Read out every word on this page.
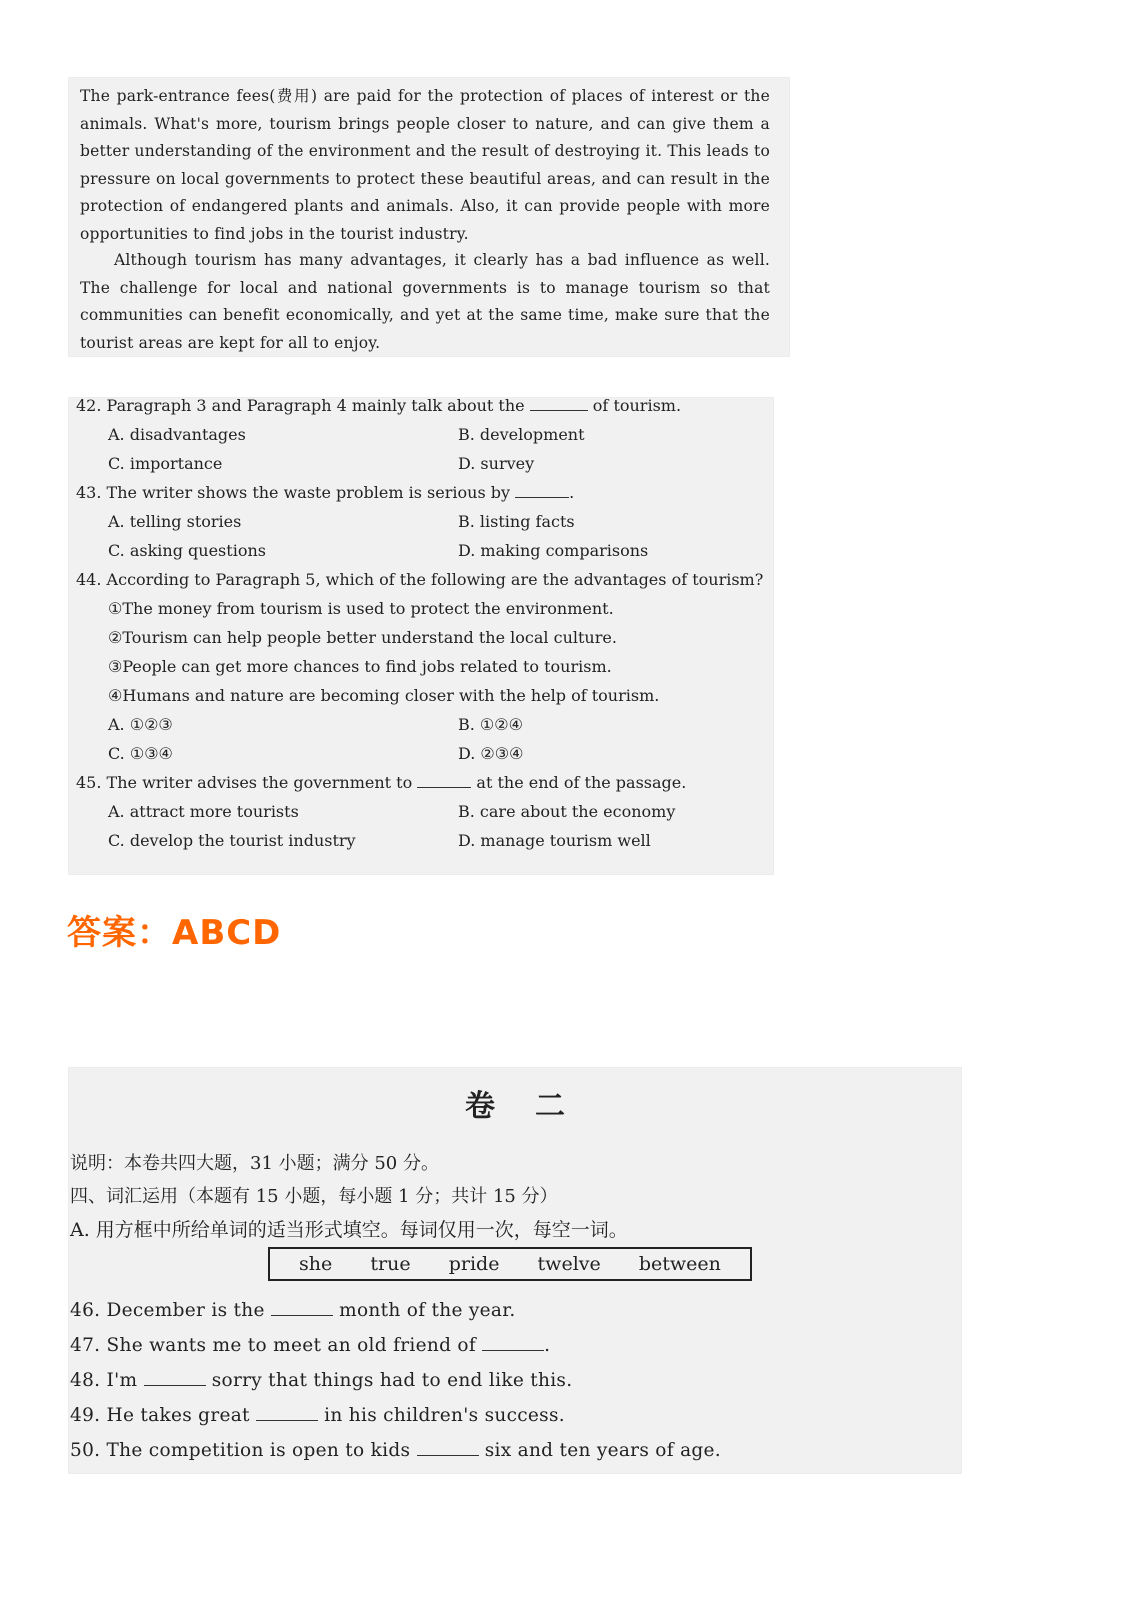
The park-entrance fees(费用) are paid for the protection of places of interest or the animals. What's more, tourism brings people closer to nature, and can give them a better understanding of the environment and the result of destroying it. This leads to pressure on local governments to protect these beautiful areas, and can result in the protection of endangered plants and animals. Also, it can provide people with more opportunities to find jobs in the tourist industry.

Although tourism has many advantages, it clearly has a bad influence as well. The challenge for local and national governments is to manage tourism so that communities can benefit economically, and yet at the same time, make sure that the tourist areas are kept for all to enjoy.

42. Paragraph 3 and Paragraph 4 mainly talk about the	of tourism.
A. disadvantages	B. development
C. importance	D. survey
43. The writer shows the waste problem is serious by	.
A. telling stories	B. listing facts
C. asking questions	D. making comparisons
44. According to Paragraph 5, which of the following are the advantages of tourism?
①The money from tourism is used to protect the environment.
②Tourism can help people better understand the local culture.
③People can get more chances to find jobs related to tourism.
④Humans and nature are becoming closer with the help of tourism.
A. ①②③	B. ①②④
C. ①③④	D. ②③④
45. The writer advises the government to	at the end of the passage.
A. attract more tourists	B. care about the economy
C. develop the tourist industry	D. manage tourism well
答案：ABCD
卷二
说明：本卷共四大题，31 小题；满分 50 分。
四、词汇运用（本题有 15 小题，每小题 1 分；共计 15 分）
A. 用方框中所给单词的适当形式填空。每词仅用一次，每空一词。
she true pride twelve between
46. December is the	month of the year.
47. She wants me to meet an old friend of	.
48. I'm	sorry that things had to end like this.
49. He takes great	in his children's success.
50. The competition is open to kids	six and ten years of age.
